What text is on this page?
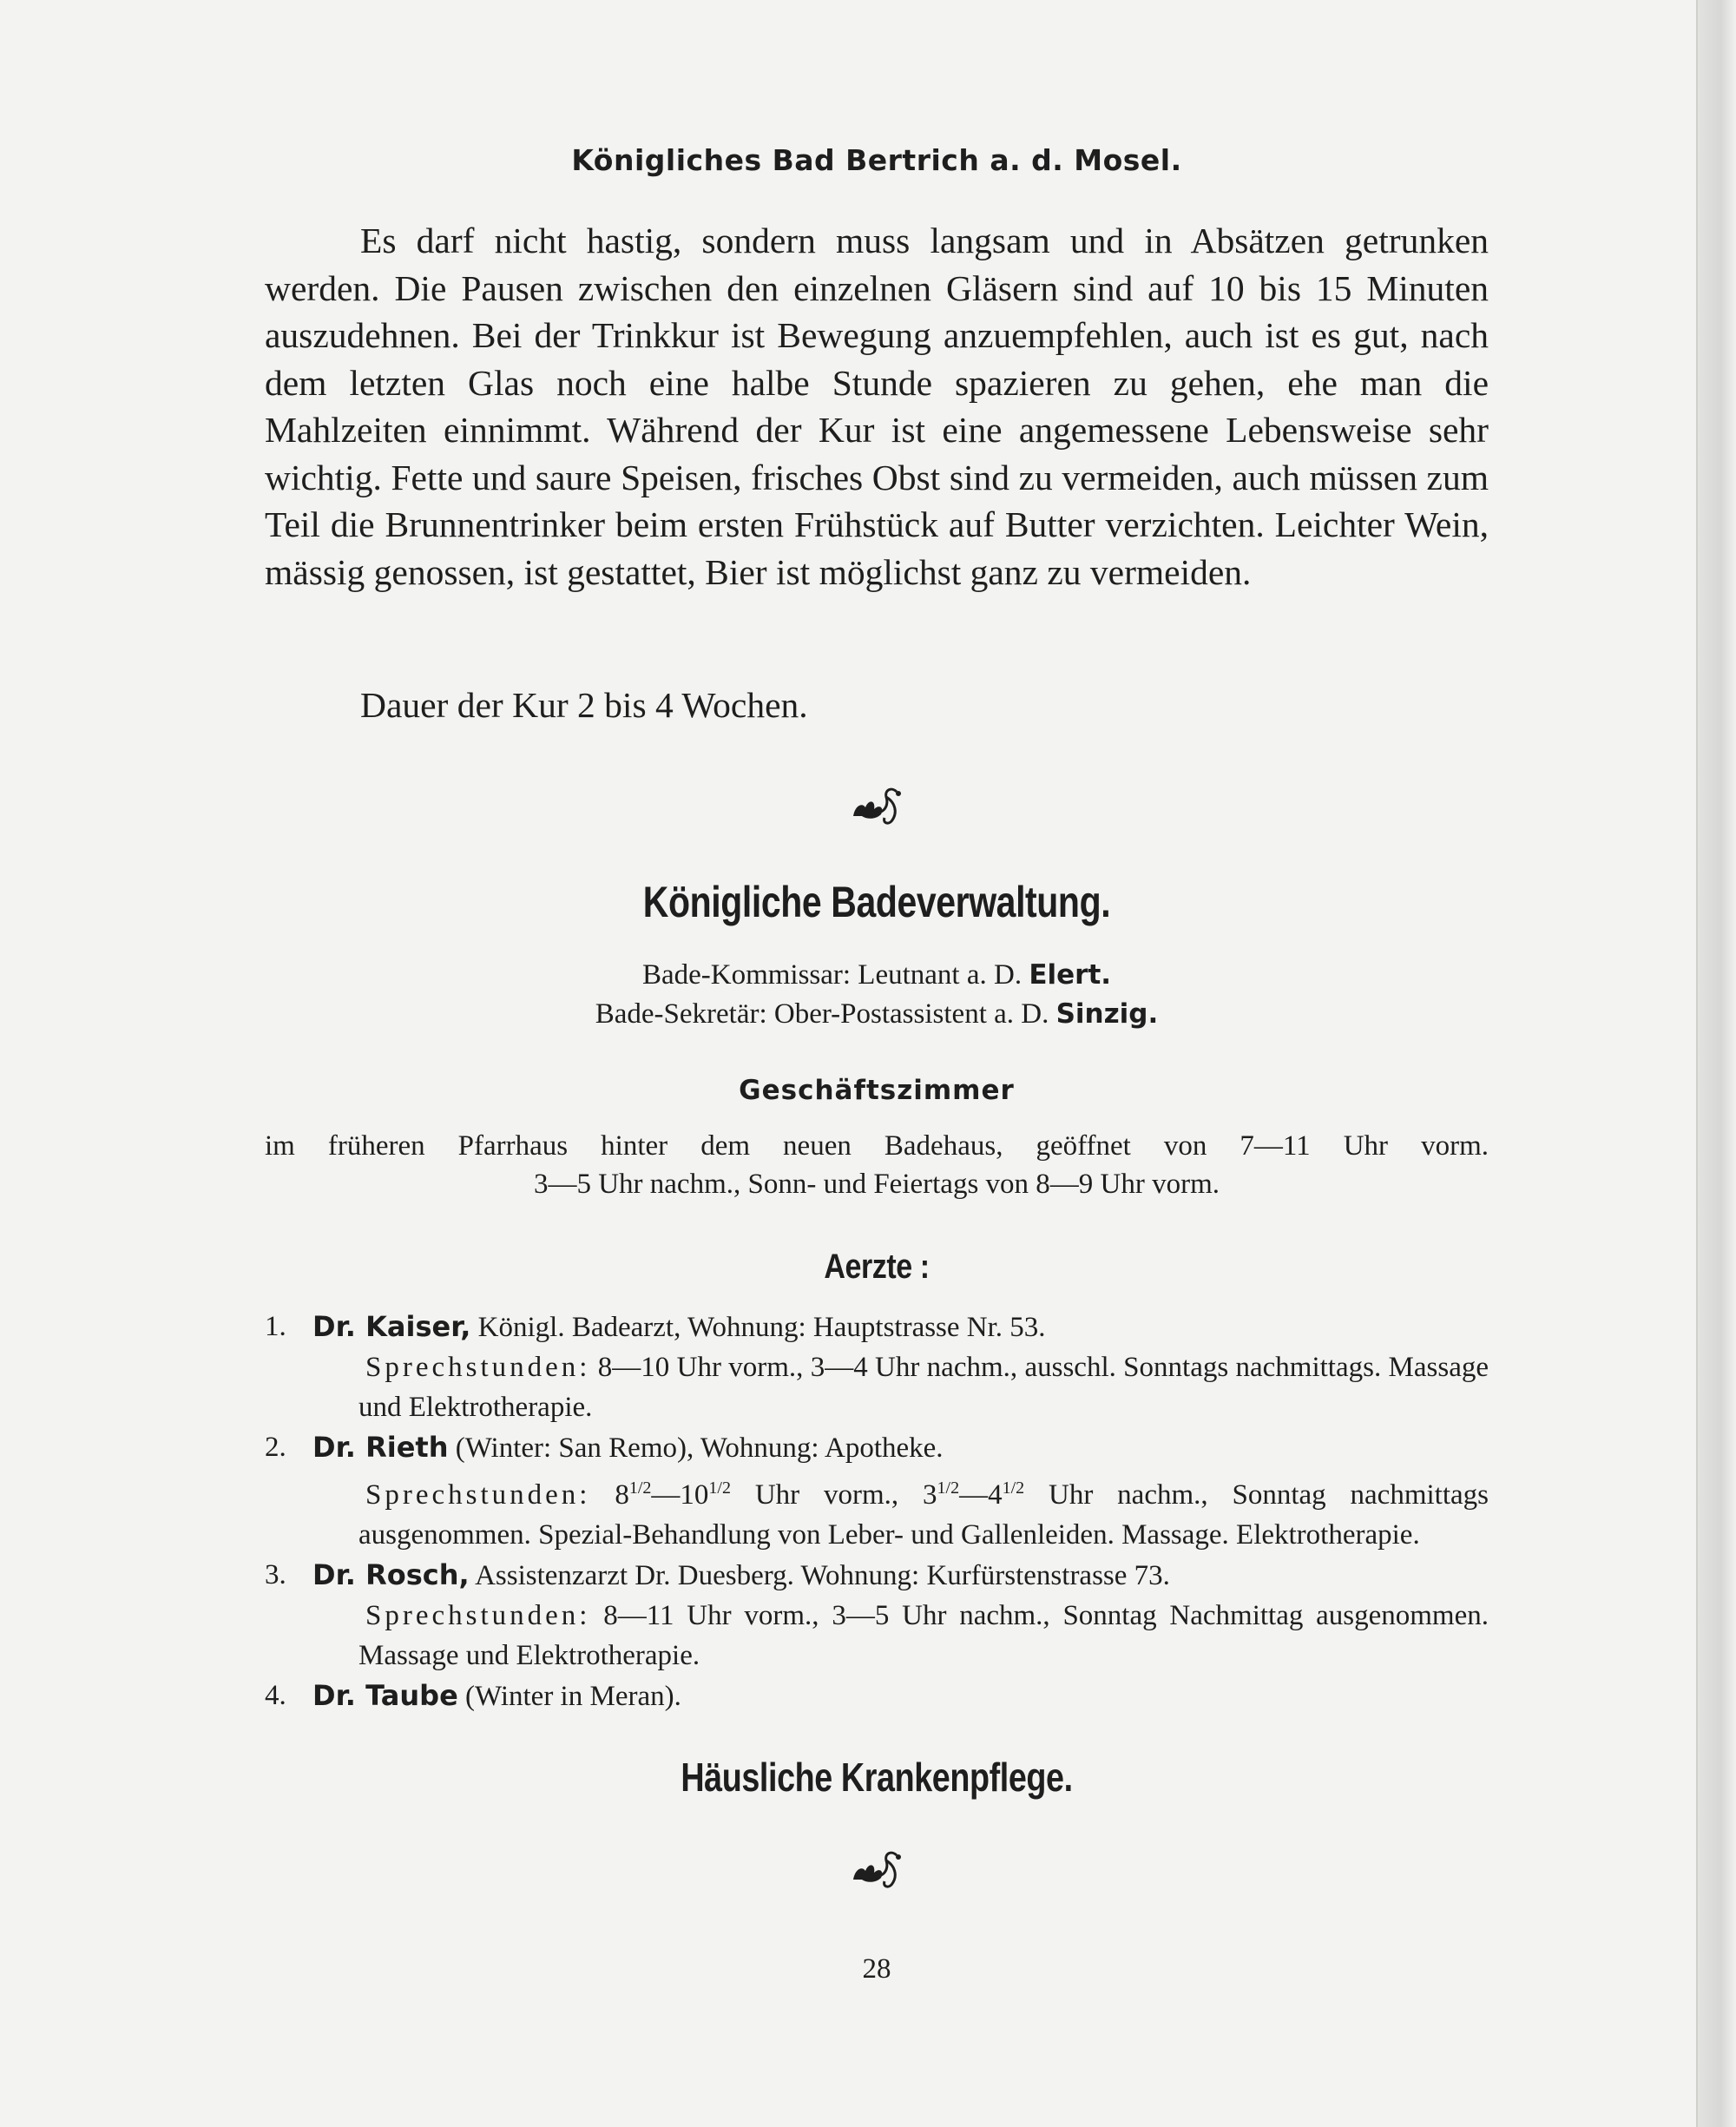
Königliches Bad Bertrich a. d. Mosel.

Es darf nicht hastig, sondern muss langsam und in Absätzen getrunken werden. Die Pausen zwischen den einzelnen Gläsern sind auf 10 bis 15 Minuten auszudehnen. Bei der Trinkkur ist Bewegung anzuempfehlen, auch ist es gut, nach dem letzten Glas noch eine halbe Stunde spazieren zu gehen, ehe man die Mahlzeiten einnimmt. Während der Kur ist eine angemessene Lebensweise sehr wichtig. Fette und saure Speisen, frisches Obst sind zu vermeiden, auch müssen zum Teil die Brunnentrinker beim ersten Frühstück auf Butter verzichten. Leichter Wein, mässig genossen, ist gestattet, Bier ist möglichst ganz zu vermeiden.

Dauer der Kur 2 bis 4 Wochen.
Königliche Badeverwaltung.
Bade-Kommissar: Leutnant a. D. Elert.
Bade-Sekretär: Ober-Postassistent a. D. Sinzig.
Geschäftszimmer
im früheren Pfarrhaus hinter dem neuen Badehaus, geöffnet von 7—11 Uhr vorm.
3—5 Uhr nachm., Sonn- und Feiertags von 8—9 Uhr vorm.
Aerzte :
1. Dr. Kaiser, Königl. Badearzt, Wohnung: Hauptstrasse Nr. 53.
Sprechstunden: 8—10 Uhr vorm., 3—4 Uhr nachm., ausschl. Sonntags nachmittags. Massage und Elektrotherapie.
2. Dr. Rieth (Winter: San Remo), Wohnung: Apotheke.
Sprechstunden: $8^{1/2}—10^{1/2}$ Uhr vorm., $3^{1/2}—4^{1/2}$ Uhr nachm., Sonntag nachmittags ausgenommen. Spezial-Behandlung von Leber- und Gallenleiden. Massage. Elektrotherapie.
3. Dr. Rosch, Assistenzarzt Dr. Duesberg. Wohnung: Kurfürstenstrasse 73.
Sprechstunden: 8—11 Uhr vorm., 3—5 Uhr nachm., Sonntag Nachmittag ausgenommen. Massage und Elektrotherapie.
4. Dr. Taube (Winter in Meran).
Häusliche Krankenpflege.
28
